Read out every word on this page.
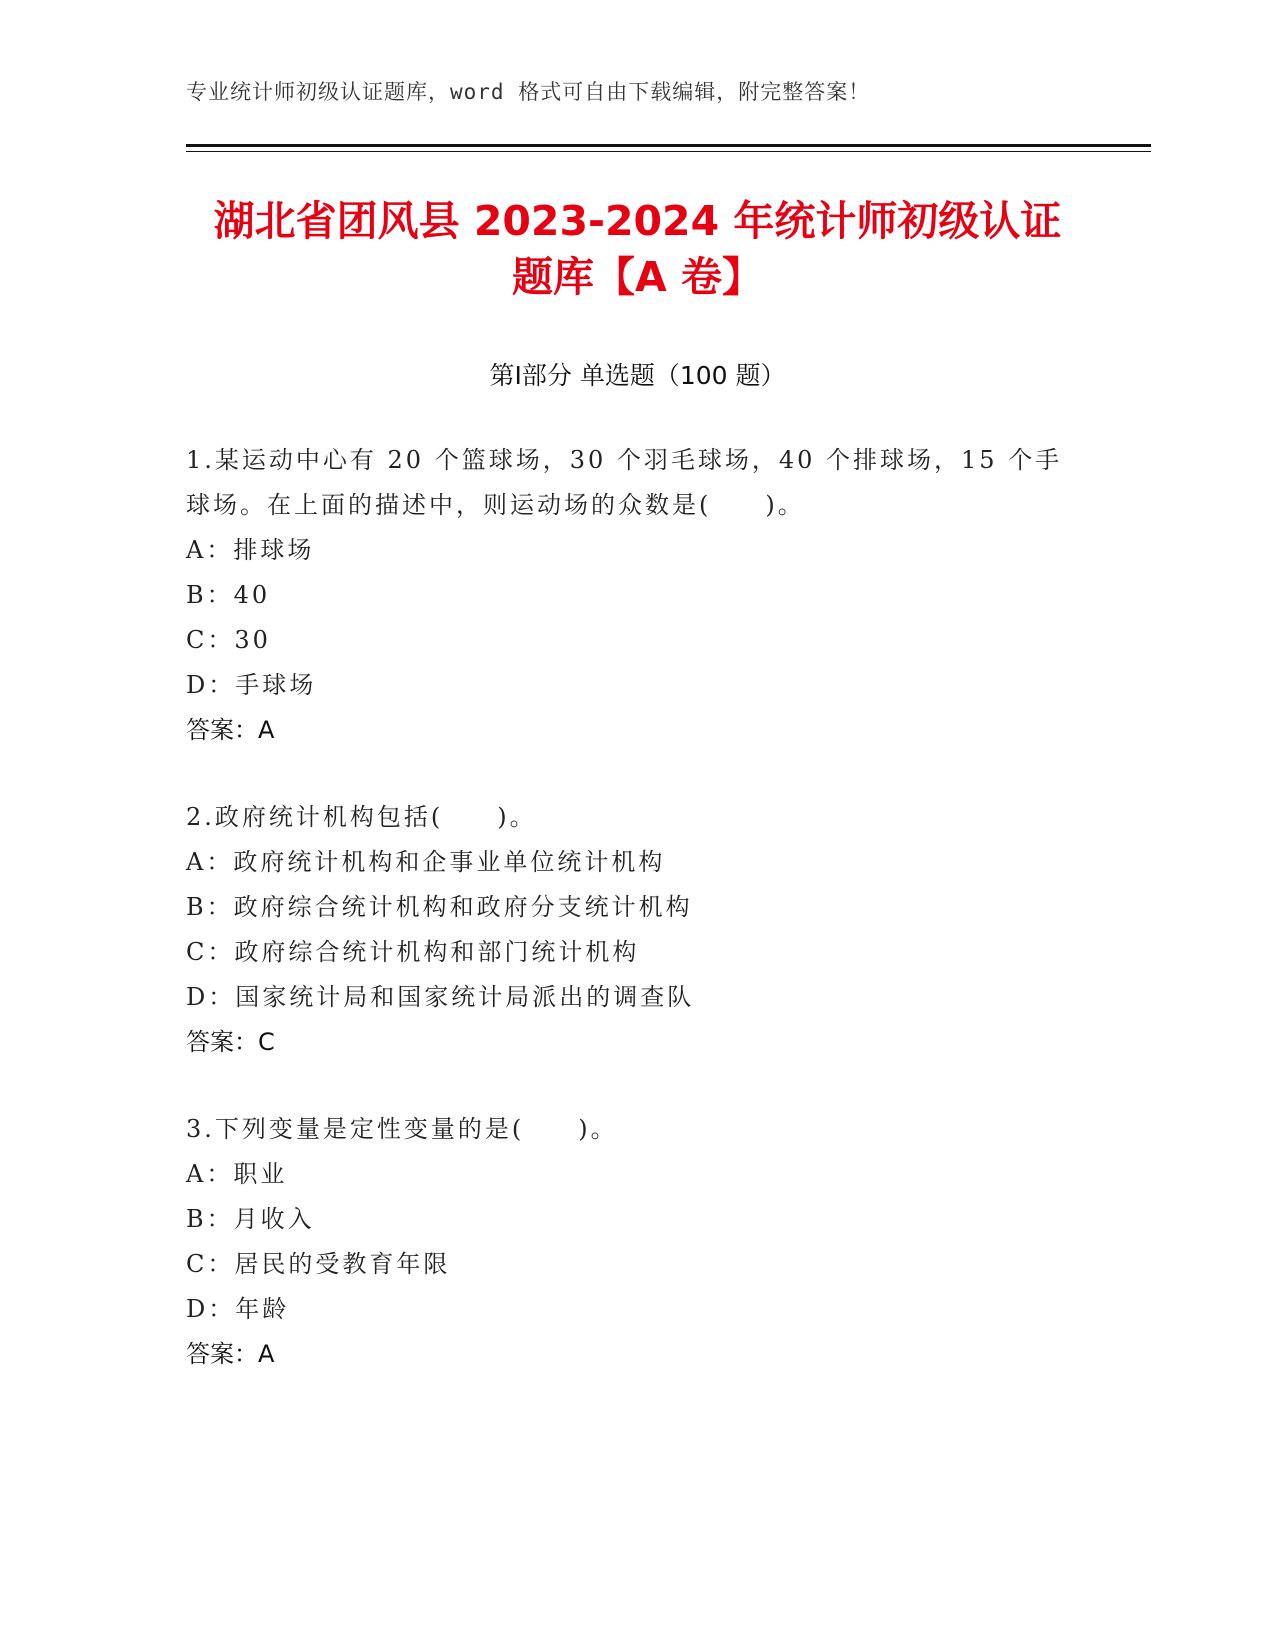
专业统计师初级认证题库，word 格式可自由下载编辑，附完整答案！
湖北省团风县 2023-2024 年统计师初级认证
题库【A 卷】
第Ⅰ部分 单选题（100 题）
1.某运动中心有 20 个篮球场，30 个羽毛球场，40 个排球场，15 个手球场。在上面的描述中，则运动场的众数是(　　)。
A：排球场
B：40
C：30
D：手球场
答案：A
2.政府统计机构包括(　　)。
A：政府统计机构和企事业单位统计机构
B：政府综合统计机构和政府分支统计机构
C：政府综合统计机构和部门统计机构
D：国家统计局和国家统计局派出的调查队
答案：C
3.下列变量是定性变量的是(　　)。
A：职业
B：月收入
C：居民的受教育年限
D：年龄
答案：A
